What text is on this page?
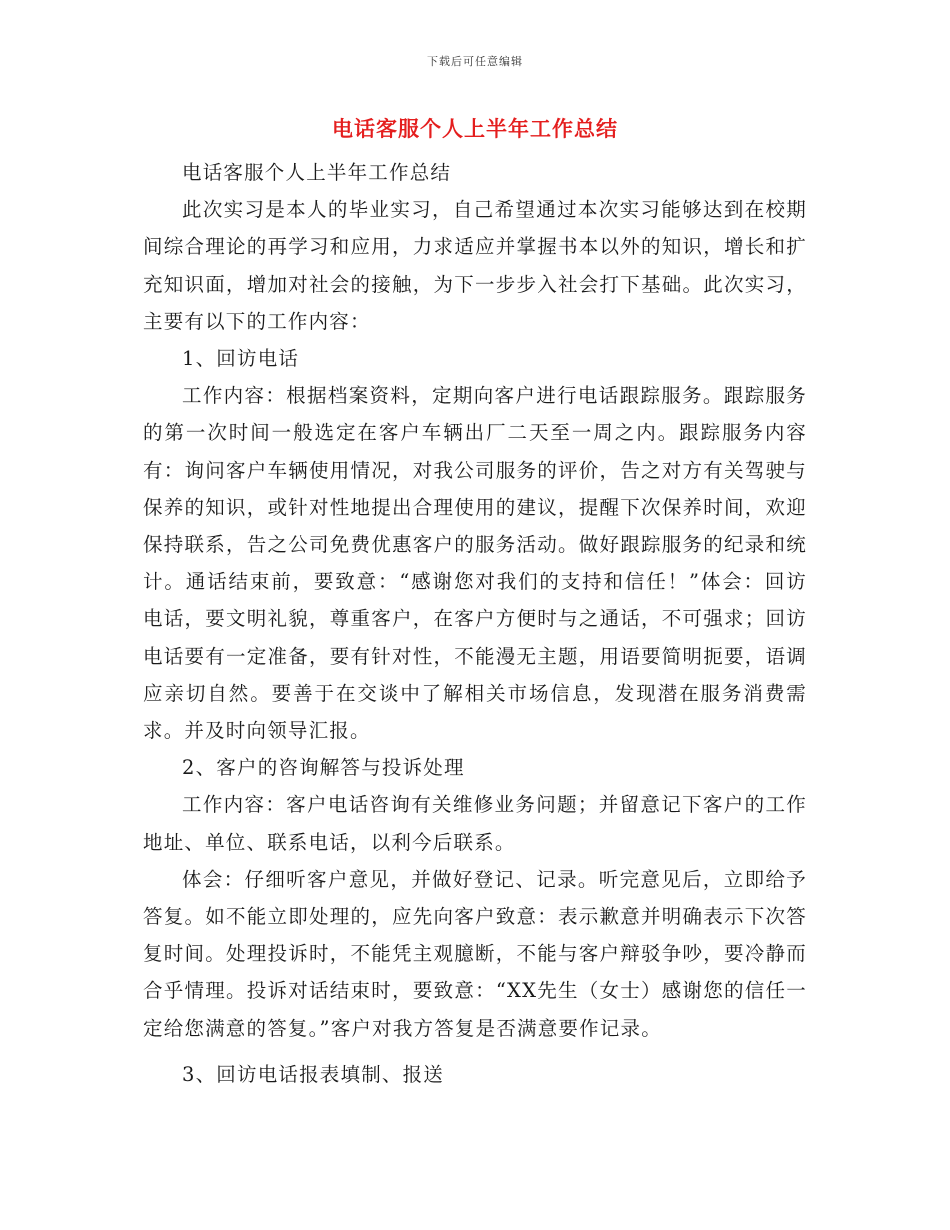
下载后可任意编辑
电话客服个人上半年工作总结

电话客服个人上半年工作总结

此次实习是本人的毕业实习，自己希望通过本次实习能够达到在校期间综合理论的再学习和应用，力求适应并掌握书本以外的知识，增长和扩充知识面，增加对社会的接触，为下一步步入社会打下基础。此次实习，主要有以下的工作内容：

1、回访电话

工作内容：根据档案资料，定期向客户进行电话跟踪服务。跟踪服务的第一次时间一般选定在客户车辆出厂二天至一周之内。跟踪服务内容有：询问客户车辆使用情况，对我公司服务的评价，告之对方有关驾驶与保养的知识，或针对性地提出合理使用的建议，提醒下次保养时间，欢迎保持联系，告之公司免费优惠客户的服务活动。做好跟踪服务的纪录和统计。通话结束前，要致意：“感谢您对我们的支持和信任！”体会：回访电话，要文明礼貌，尊重客户，在客户方便时与之通话，不可强求；回访电话要有一定准备，要有针对性，不能漫无主题，用语要简明扼要，语调应亲切自然。要善于在交谈中了解相关市场信息，发现潜在服务消费需求。并及时向领导汇报。

2、客户的咨询解答与投诉处理

工作内容：客户电话咨询有关维修业务问题；并留意记下客户的工作地址、单位、联系电话，以利今后联系。

体会：仔细听客户意见，并做好登记、记录。听完意见后，立即给予答复。如不能立即处理的，应先向客户致意：表示歉意并明确表示下次答复时间。处理投诉时，不能凭主观臆断，不能与客户辩驳争吵，要冷静而合乎情理。投诉对话结束时，要致意：“XX先生（女士）感谢您的信任一定给您满意的答复。”客户对我方答复是否满意要作记录。

3、回访电话报表填制、报送
